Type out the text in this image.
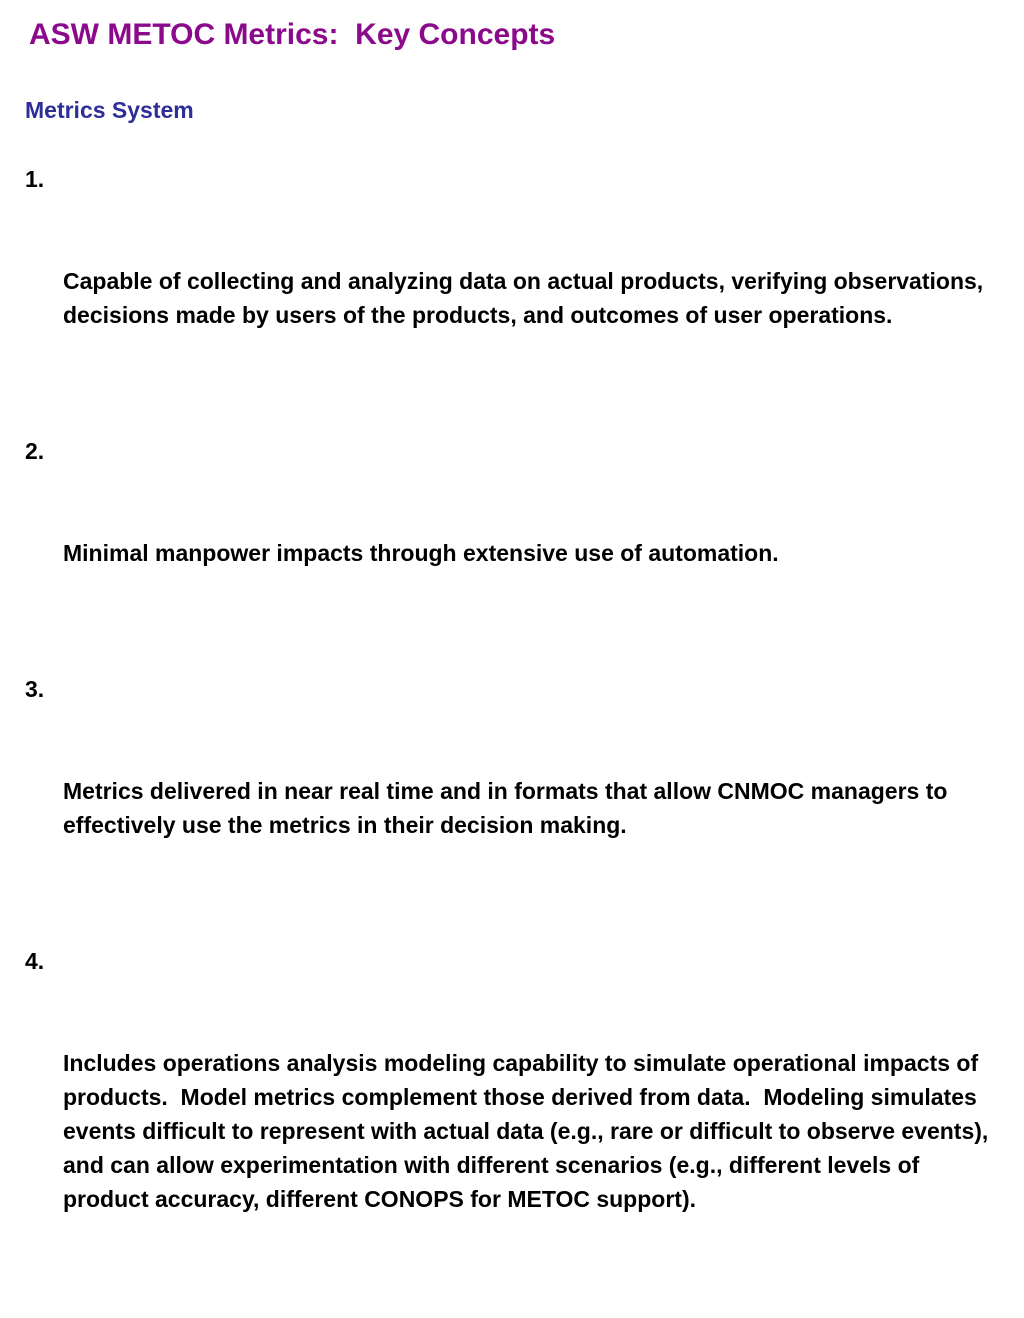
ASW METOC Metrics:  Key Concepts
Metrics System

1.

Capable of collecting and analyzing data on actual products, verifying observations, decisions made by users of the products, and outcomes of user operations.

2.

Minimal manpower impacts through extensive use of automation.

3.

Metrics delivered in near real time and in formats that allow CNMOC managers to effectively use the metrics in their decision making.

4.

Includes operations analysis modeling capability to simulate operational impacts of products.  Model metrics complement those derived from data.  Modeling simulates events difficult to represent with actual data (e.g., rare or difficult to observe events), and can allow experimentation with different scenarios (e.g., different levels of product accuracy, different CONOPS for METOC support).
